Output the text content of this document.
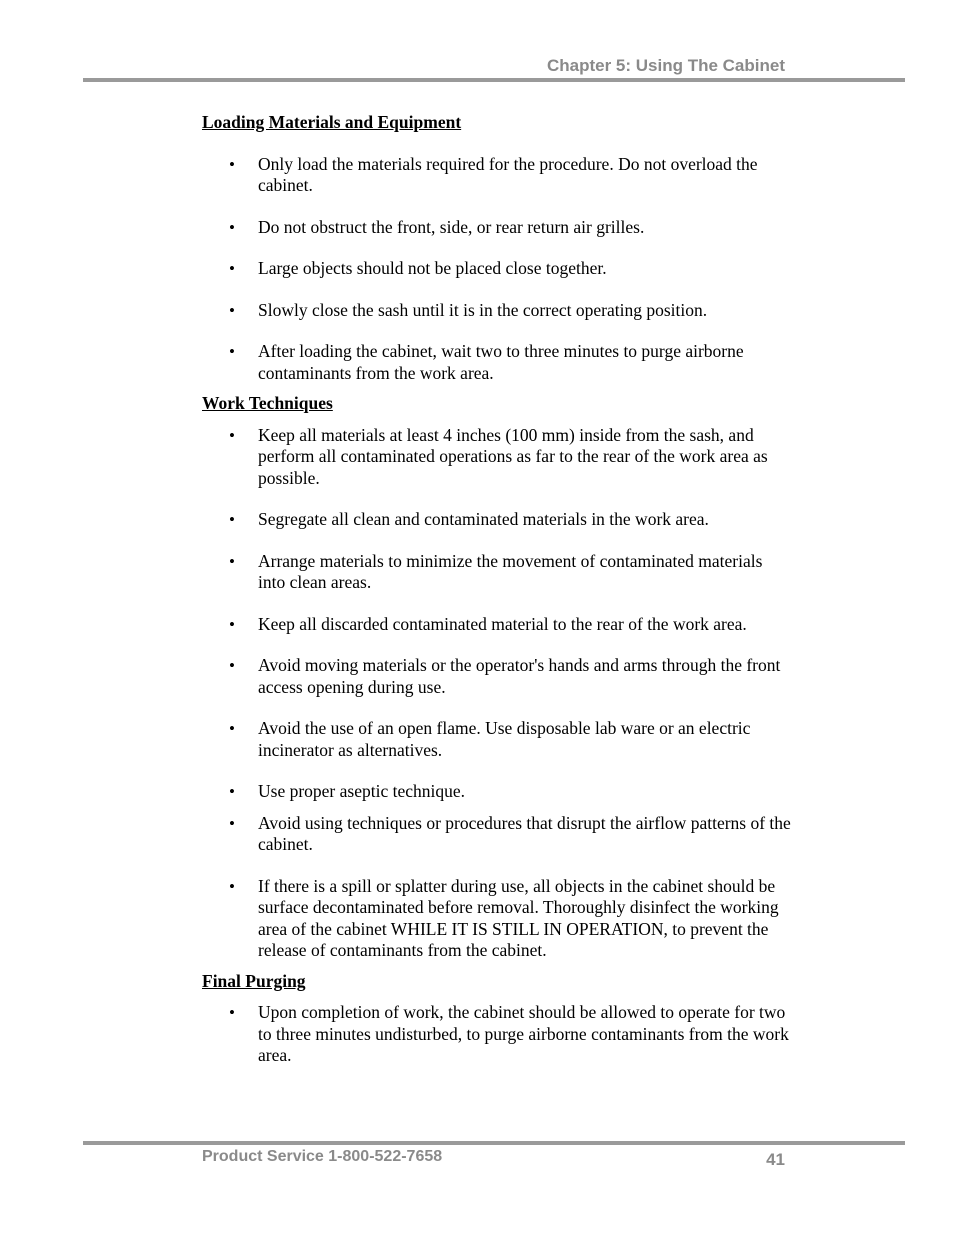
Chapter 5: Using The Cabinet
Loading Materials and Equipment
• Only load the materials required for the procedure. Do not overload the cabinet.
• Do not obstruct the front, side, or rear return air grilles.
• Large objects should not be placed close together.
• Slowly close the sash until it is in the correct operating position.
• After loading the cabinet, wait two to three minutes to purge airborne contaminants from the work area.
Work Techniques
• Keep all materials at least 4 inches (100 mm) inside from the sash, and perform all contaminated operations as far to the rear of the work area as possible.
• Segregate all clean and contaminated materials in the work area.
• Arrange materials to minimize the movement of contaminated materials into clean areas.
• Keep all discarded contaminated material to the rear of the work area.
• Avoid moving materials or the operator's hands and arms through the front access opening during use.
• Avoid the use of an open flame. Use disposable lab ware or an electric incinerator as alternatives.
• Use proper aseptic technique.
• Avoid using techniques or procedures that disrupt the airflow patterns of the cabinet.
• If there is a spill or splatter during use, all objects in the cabinet should be surface decontaminated before removal. Thoroughly disinfect the working area of the cabinet WHILE IT IS STILL IN OPERATION, to prevent the release of contaminants from the cabinet.
Final Purging
• Upon completion of work, the cabinet should be allowed to operate for two to three minutes undisturbed, to purge airborne contaminants from the work area.
Product Service 1-800-522-7658	41
